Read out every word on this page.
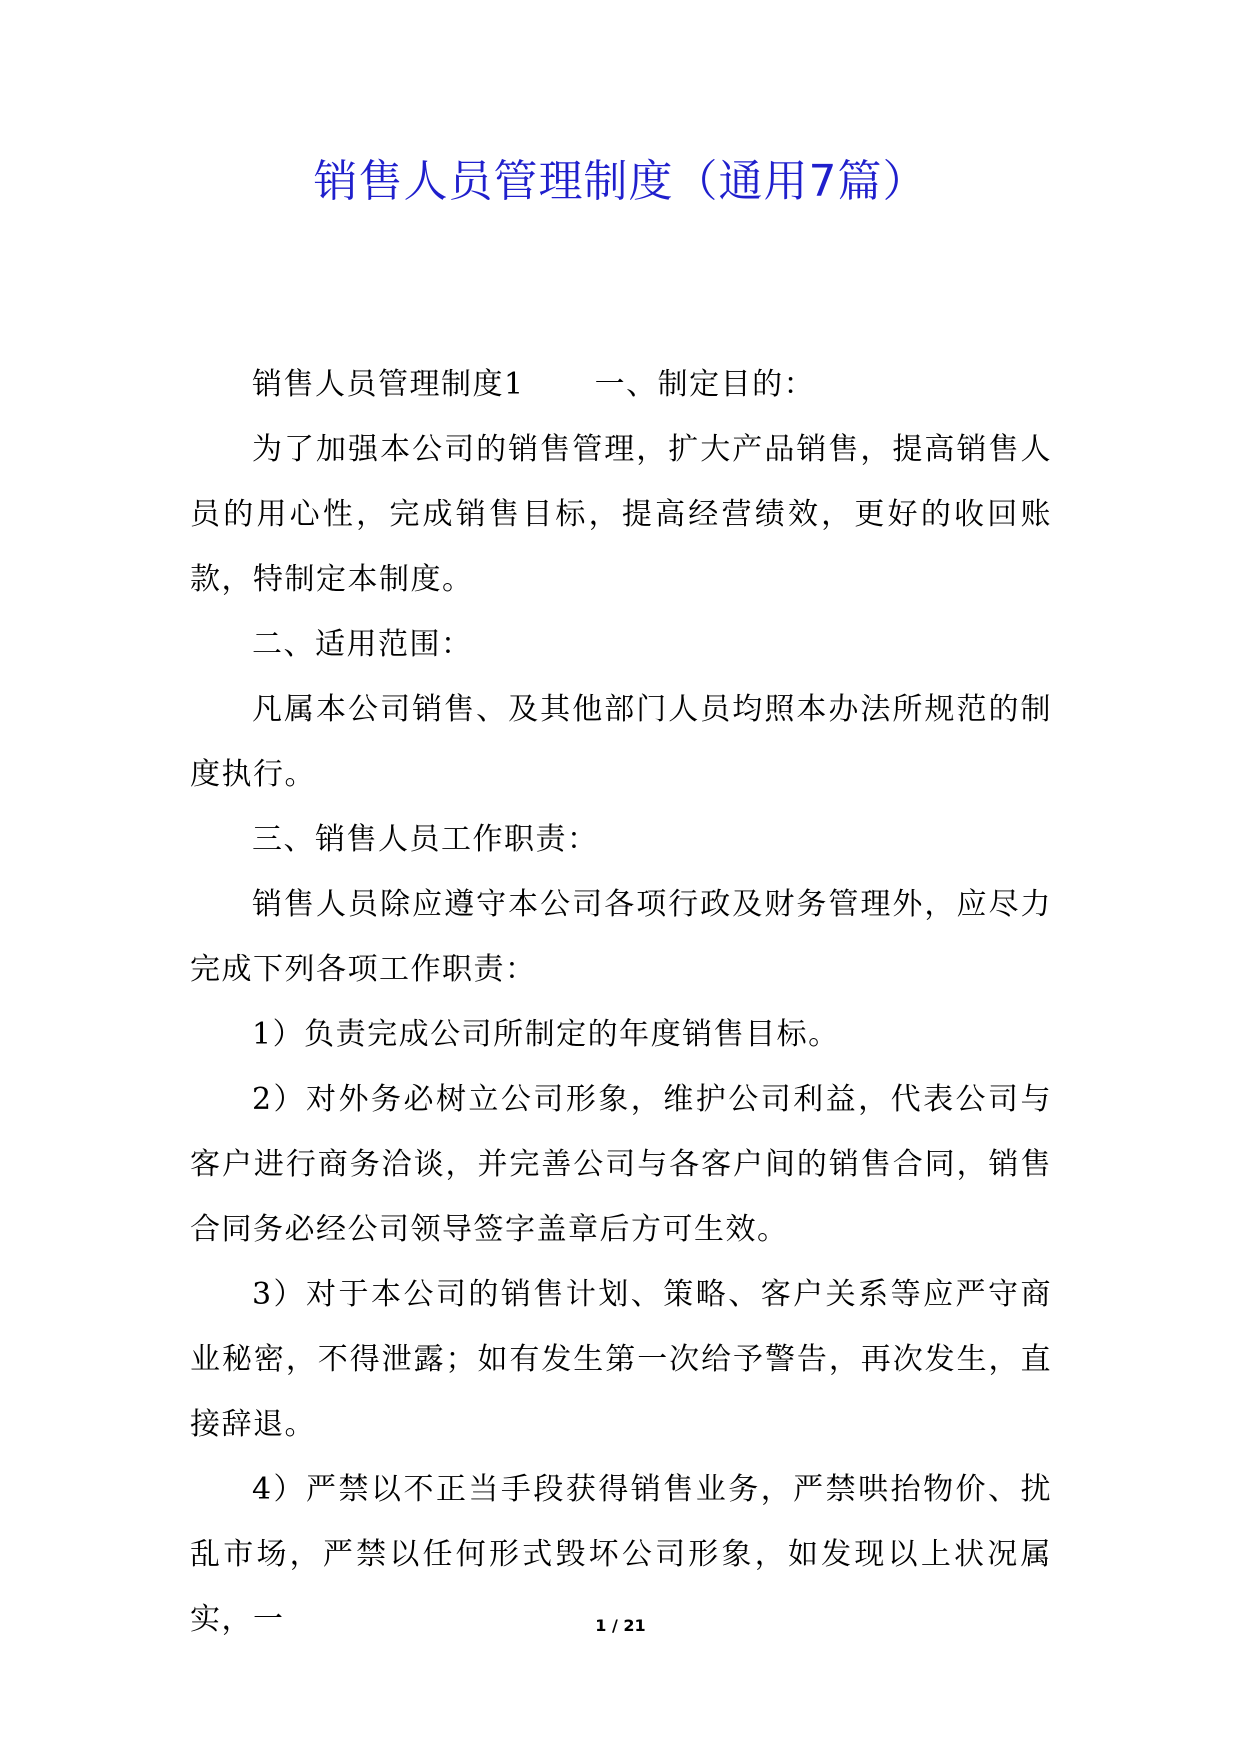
销售人员管理制度（通用7篇）

销售人员管理制度1 一、制定目的：

为了加强本公司的销售管理，扩大产品销售，提高销售人员的用心性，完成销售目标，提高经营绩效，更好的收回账款，特制定本制度。

二、适用范围：

凡属本公司销售、及其他部门人员均照本办法所规范的制度执行。

三、销售人员工作职责：

销售人员除应遵守本公司各项行政及财务管理外，应尽力完成下列各项工作职责：

1）负责完成公司所制定的年度销售目标。

2）对外务必树立公司形象，维护公司利益，代表公司与客户进行商务洽谈，并完善公司与各客户间的销售合同，销售合同务必经公司领导签字盖章后方可生效。

3）对于本公司的销售计划、策略、客户关系等应严守商业秘密，不得泄露；如有发生第一次给予警告，再次发生，直接辞退。

4）严禁以不正当手段获得销售业务，严禁哄抬物价、扰乱市场，严禁以任何形式毁坏公司形象，如发现以上状况属实，一	1 / 21
